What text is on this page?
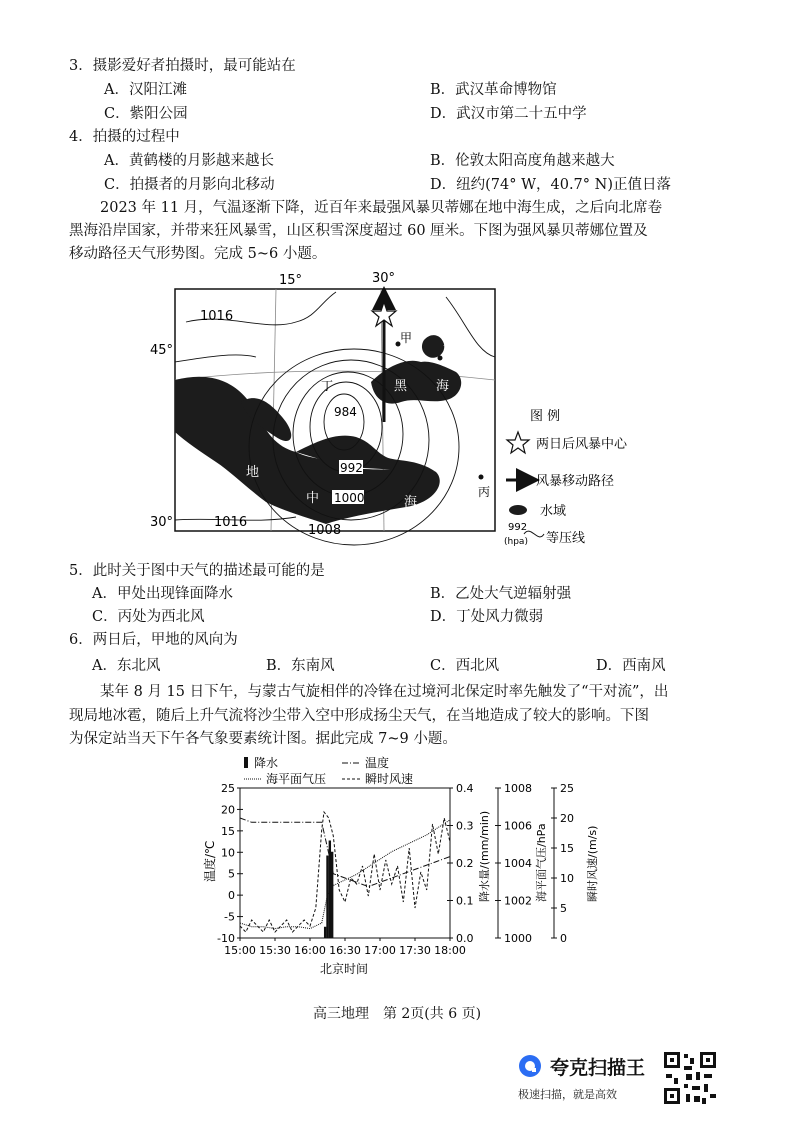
3．摄影爱好者拍摄时，最可能站在
A．汉阳江滩	B．武汉革命博物馆
C．紫阳公园	D．武汉市第二十五中学
4．拍摄的过程中
A．黄鹤楼的月影越来越长	B．伦敦太阳高度角越来越大
C．拍摄者的月影向北移动	D．纽约(74° W，40.7° N)正值日落
2023 年 11 月，气温逐渐下降，近百年来最强风暴贝蒂娜在地中海生成，之后向北席卷
黑海沿岸国家，并带来狂风暴雪，山区积雪深度超过 60 厘米。下图为强风暴贝蒂娜位置及
移动路径天气形势图。完成 5~6 小题。
15°	30°
45°
30°
1016
984
992
1000
1016
1008
甲
乙
丙
丁	黑 海
地
中	海
图 例
两日后风暴中心
风暴移动路径
水域
992
(hpa) 等压线
5．此时关于图中天气的描述最可能的是
A．甲处出现锋面降水	B．乙处大气逆辐射强
C．丙处为西北风	D．丁处风力微弱
6．两日后，甲地的风向为
A．东北风	B．东南风	C．西北风	D．西南风
某年 8 月 15 日下午，与蒙古气旋相伴的冷锋在过境河北保定时率先触发了“干对流”，出
现局地冰雹，随后上升气流将沙尘带入空中形成扬尘天气，在当地造成了较大的影响。下图
为保定站当天下午各气象要素统计图。据此完成 7~9 小题。
降水	温度
海平面气压	瞬时风速
25
20
15
10
5
0
-5
-10
温度/℃
0.4
0.3
0.2
0.1
0.0
降水量/(mm/min)
1008
1006
1004
1002
1000
海平面气压/hPa
25
20
15
10
5
0
瞬时风速/(m/s)
15:00 15:30 16:00 16:30 17:00 17:30 18:00
北京时间
高三地理　第 2页(共 6 页)
夸克扫描王
极速扫描，就是高效
